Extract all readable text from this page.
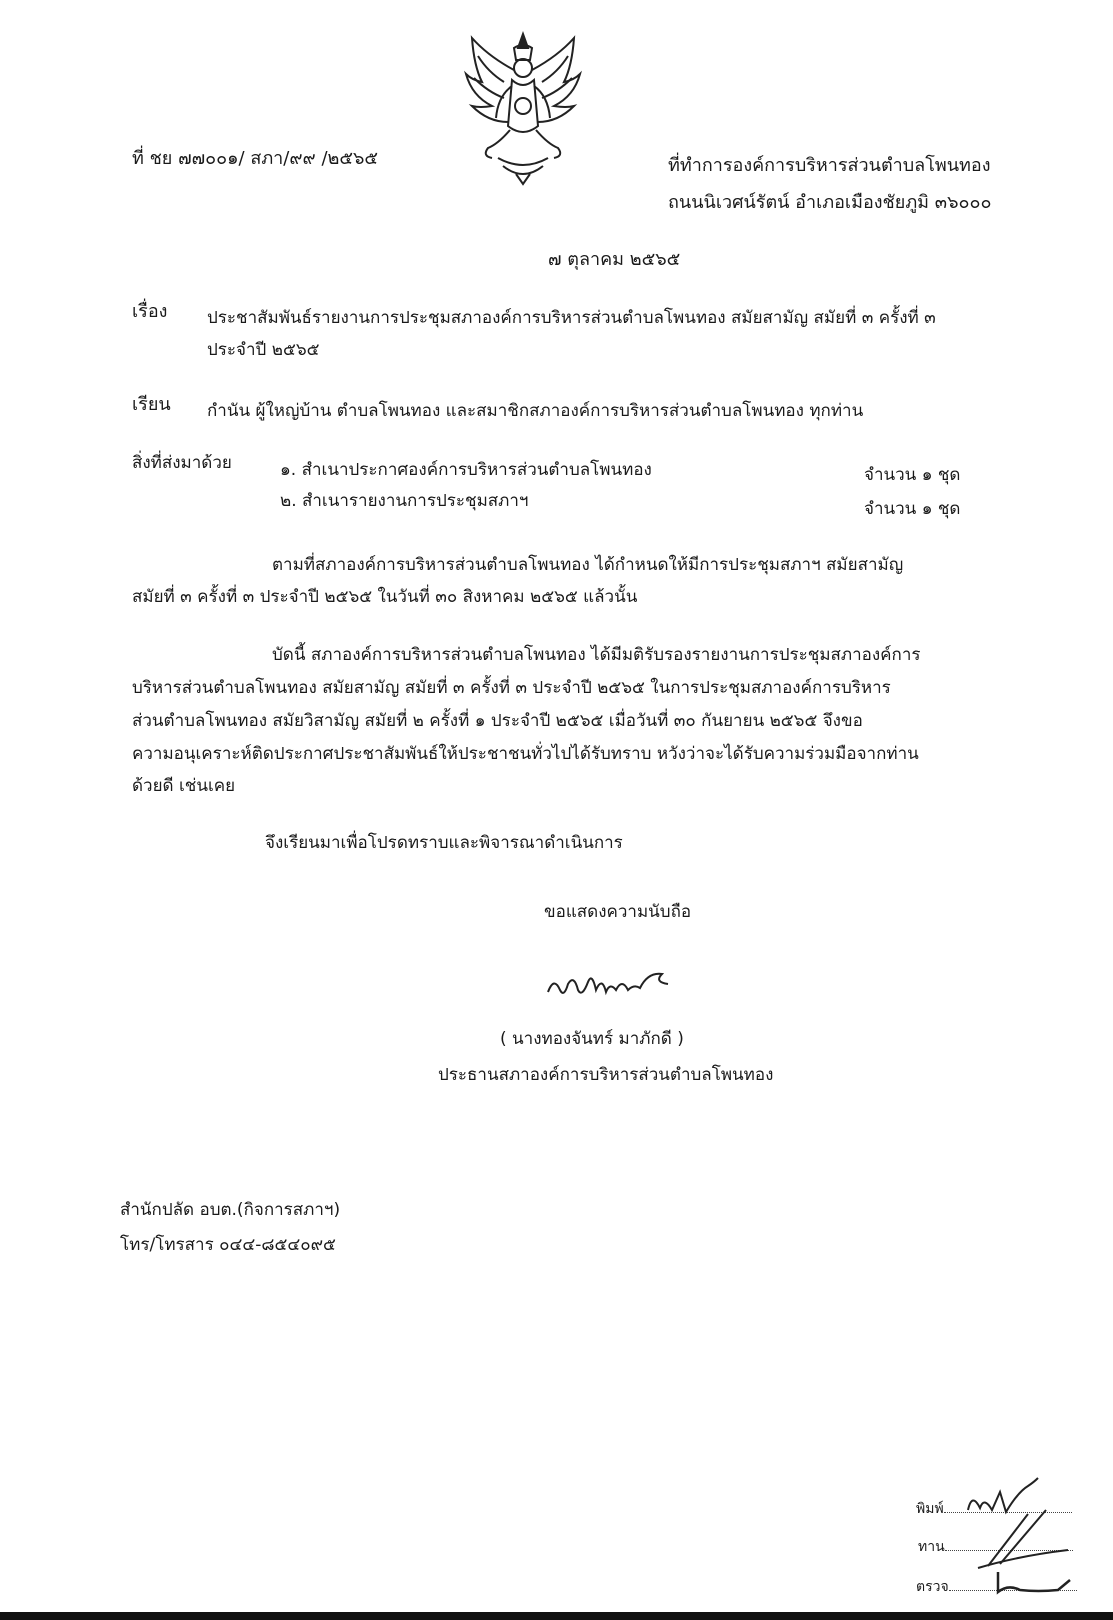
ที่ ชย ๗๗๐๐๑/ สภา/๙๙ /๒๕๖๕	ที่ทำการองค์การบริหารส่วนตำบลโพนทอง
ถนนนิเวศน์รัตน์ อำเภอเมืองชัยภูมิ ๓๖๐๐๐
๗ ตุลาคม ๒๕๖๕
เรื่อง ประชาสัมพันธ์รายงานการประชุมสภาองค์การบริหารส่วนตำบลโพนทอง สมัยสามัญ สมัยที่ ๓ ครั้งที่ ๓
ประจำปี ๒๕๖๕
เรียน กำนัน ผู้ใหญ่บ้าน ตำบลโพนทอง และสมาชิกสภาองค์การบริหารส่วนตำบลโพนทอง ทุกท่าน
สิ่งที่ส่งมาด้วย	๑. สำเนาประกาศองค์การบริหารส่วนตำบลโพนทอง	จำนวน ๑ ชุด
๒. สำเนารายงานการประชุมสภาฯ	จำนวน ๑ ชุด
ตามที่สภาองค์การบริหารส่วนตำบลโพนทอง ได้กำหนดให้มีการประชุมสภาฯ สมัยสามัญ
สมัยที่ ๓ ครั้งที่ ๓ ประจำปี ๒๕๖๕ ในวันที่ ๓๐ สิงหาคม ๒๕๖๕ แล้วนั้น
บัดนี้ สภาองค์การบริหารส่วนตำบลโพนทอง ได้มีมติรับรองรายงานการประชุมสภาองค์การ
บริหารส่วนตำบลโพนทอง สมัยสามัญ สมัยที่ ๓ ครั้งที่ ๓ ประจำปี ๒๕๖๕ ในการประชุมสภาองค์การบริหาร
ส่วนตำบลโพนทอง สมัยวิสามัญ สมัยที่ ๒ ครั้งที่ ๑ ประจำปี ๒๕๖๕ เมื่อวันที่ ๓๐ กันยายน ๒๕๖๕ จึงขอ
ความอนุเคราะห์ติดประกาศประชาสัมพันธ์ให้ประชาชนทั่วไปได้รับทราบ หวังว่าจะได้รับความร่วมมือจากท่าน
ด้วยดี เช่นเคย
จึงเรียนมาเพื่อโปรดทราบและพิจารณาดำเนินการ
ขอแสดงความนับถือ
( นางทองจันทร์ มาภักดี )
ประธานสภาองค์การบริหารส่วนตำบลโพนทอง
สำนักปลัด อบต.(กิจการสภาฯ)
โทร/โทรสาร ๐๔๔-๘๕๔๐๙๕
พิมพ์
ทาน
ตรวจ
